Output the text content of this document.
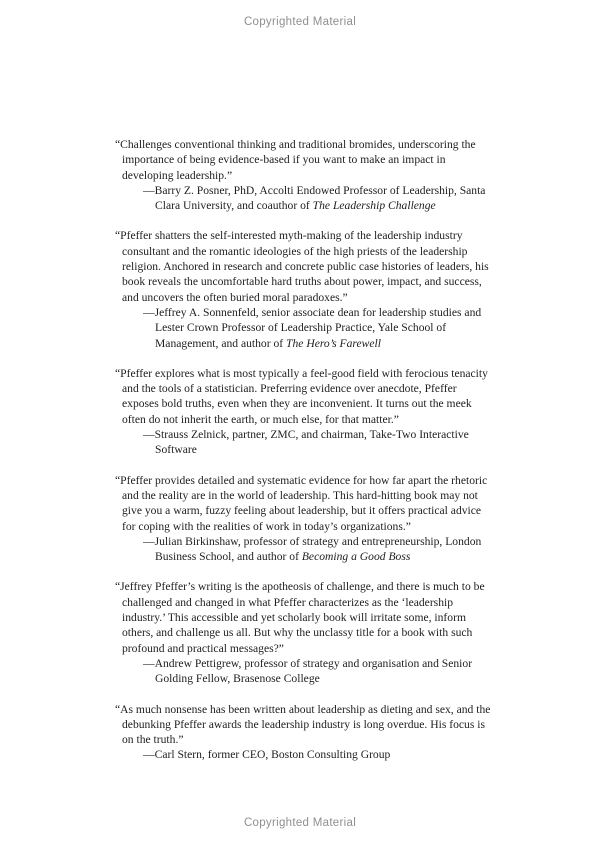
Copyrighted Material

“Challenges conventional thinking and traditional bromides, underscoring the importance of being evidence-based if you want to make an impact in developing leadership.”

—Barry Z. Posner, PhD, Accolti Endowed Professor of Leadership, Santa Clara University, and coauthor of The Leadership Challenge

“Pfeffer shatters the self-interested myth-making of the leadership industry consultant and the romantic ideologies of the high priests of the leadership religion. Anchored in research and concrete public case histories of leaders, his book reveals the uncomfortable hard truths about power, impact, and success, and uncovers the often buried moral paradoxes.”

—Jeffrey A. Sonnenfeld, senior associate dean for leadership studies and Lester Crown Professor of Leadership Practice, Yale School of Management, and author of The Hero’s Farewell

“Pfeffer explores what is most typically a feel-good field with ferocious tenacity and the tools of a statistician. Preferring evidence over anecdote, Pfeffer exposes bold truths, even when they are inconvenient. It turns out the meek often do not inherit the earth, or much else, for that matter.”

—Strauss Zelnick, partner, ZMC, and chairman, Take-Two Interactive Software

“Pfeffer provides detailed and systematic evidence for how far apart the rhetoric and the reality are in the world of leadership. This hard-hitting book may not give you a warm, fuzzy feeling about leadership, but it offers practical advice for coping with the realities of work in today’s organizations.”

—Julian Birkinshaw, professor of strategy and entrepreneurship, London Business School, and author of Becoming a Good Boss

“Jeffrey Pfeffer’s writing is the apotheosis of challenge, and there is much to be challenged and changed in what Pfeffer characterizes as the ‘leadership industry.’ This accessible and yet scholarly book will irritate some, inform others, and challenge us all. But why the unclassy title for a book with such profound and practical messages?”

—Andrew Pettigrew, professor of strategy and organisation and Senior Golding Fellow, Brasenose College

“As much nonsense has been written about leadership as dieting and sex, and the debunking Pfeffer awards the leadership industry is long overdue. His focus is on the truth.”

—Carl Stern, former CEO, Boston Consulting Group

Copyrighted Material
